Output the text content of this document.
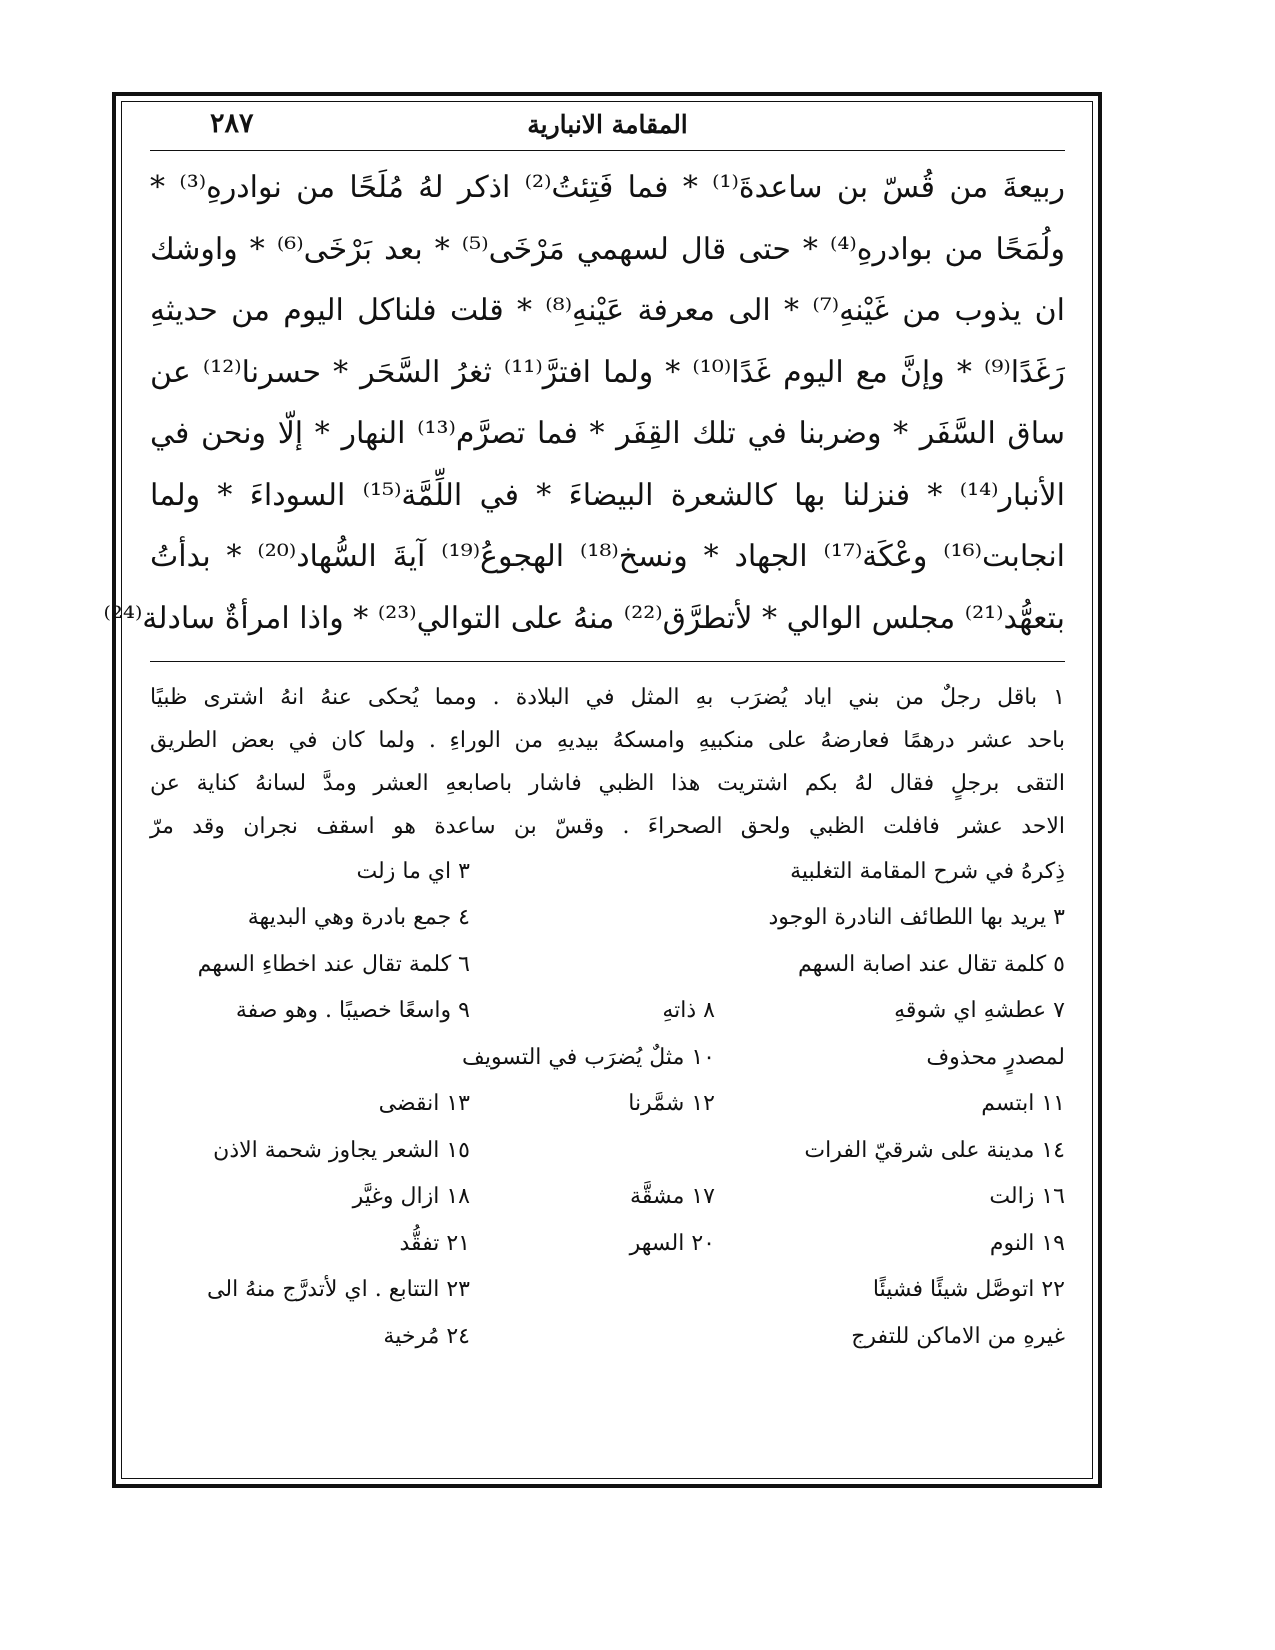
المقامة الانبارية
٢٨٧
ربيعةَ من قُسّ بن ساعدةَ⁽¹⁾ * فما فَتِئتُ⁽²⁾ اذكر لهُ مُلَحًا من نوادرهِ⁽³⁾ *
ولُمَحًا من بوادرهِ⁽⁴⁾ * حتى قال لسهمي مَرْخَى⁽⁵⁾ * بعد بَرْخَى⁽⁶⁾ * واوشك
ان يذوب من غَيْنهِ⁽⁷⁾ * الى معرفة عَيْنهِ⁽⁸⁾ * قلت فلناكل اليوم من حديثهِ
رَغَدًا⁽⁹⁾ * وإنَّ مع اليوم غَدًا⁽¹⁰⁾ * ولما افترَّ⁽¹¹⁾ ثغرُ السَّحَر * حسرنا⁽¹²⁾ عن
ساق السَّفَر * وضربنا في تلك القِفَر * فما تصرَّم⁽¹³⁾ النهار * إلّا ونحن في
الأنبار⁽¹⁴⁾ * فنزلنا بها كالشعرة البيضاءَ * في اللِّمَّة⁽¹⁵⁾ السوداءَ * ولما
انجابت⁽¹⁶⁾ وعْكَة⁽¹⁷⁾ الجهاد * ونسخ⁽¹⁸⁾ الهجوعُ⁽¹⁹⁾ آيةَ السُّهاد⁽²⁰⁾ * بدأتُ
بتعهُّد⁽²¹⁾ مجلس الوالي * لأتطرَّق⁽²²⁾ منهُ على التوالي⁽²³⁾ * واذا امرأةٌ سادلة⁽²⁴⁾
١ باقل رجلٌ من بني اياد يُضرَب بهِ المثل في البلادة . ومما يُحكى عنهُ انهُ اشترى ظبيًا
باحد عشر درهمًا فعارضهُ على منكبيهِ وامسكهُ بيديهِ من الوراءِ . ولما كان في بعض الطريق
التقى برجلٍ فقال لهُ بكم اشتريت هذا الظبي فاشار باصابعهِ العشر ومدَّ لسانهُ كناية عن
الاحد عشر فافلت الظبي ولحق الصحراءَ . وقسّ بن ساعدة هو اسقف نجران وقد مرّ
ذِكرهُ في شرح المقامة التغلبية
٣ اي ما زلت
٣ يريد بها اللطائف النادرة الوجود
٤ جمع بادرة وهي البديهة
٥ كلمة تقال عند اصابة السهم
٦ كلمة تقال عند اخطاءِ السهم
٧ عطشهِ اي شوقهِ
٨ ذاتهِ
٩ واسعًا خصيبًا . وهو صفة
لمصدرٍ محذوف
١٠ مثلٌ يُضرَب في التسويف
١١ ابتسم
١٢ شمَّرنا
١٣ انقضى
١٤ مدينة على شرقيّ الفرات
١٥ الشعر يجاوز شحمة الاذن
١٦ زالت
١٧ مشقَّة
١٨ ازال وغيَّر
١٩ النوم
٢٠ السهر
٢١ تفقُّد
٢٢ اتوصَّل شيئًا فشيئًا
٢٣ التتابع . اي لأتدرَّج منهُ الى
غيرهِ من الاماكن للتفرج
٢٤ مُرخية
